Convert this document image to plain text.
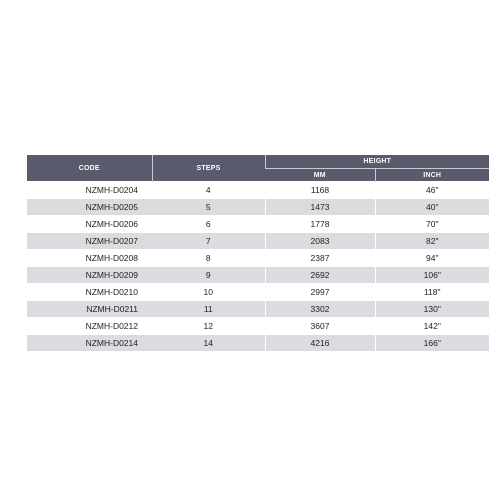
CODE	STEPS	HEIGHT	
		MM	INCH
NZMH-D0204	4	1168	46"
NZMH-D0205	5	1473	40"
NZMH-D0206	6	1778	70"
NZMH-D0207	7	2083	82"
NZMH-D0208	8	2387	94"
NZMH-D0209	9	2692	106"
NZMH-D0210	10	2997	118"
NZMH-D0211	11	3302	130"
NZMH-D0212	12	3607	142"
NZMH-D0214	14	4216	166"
